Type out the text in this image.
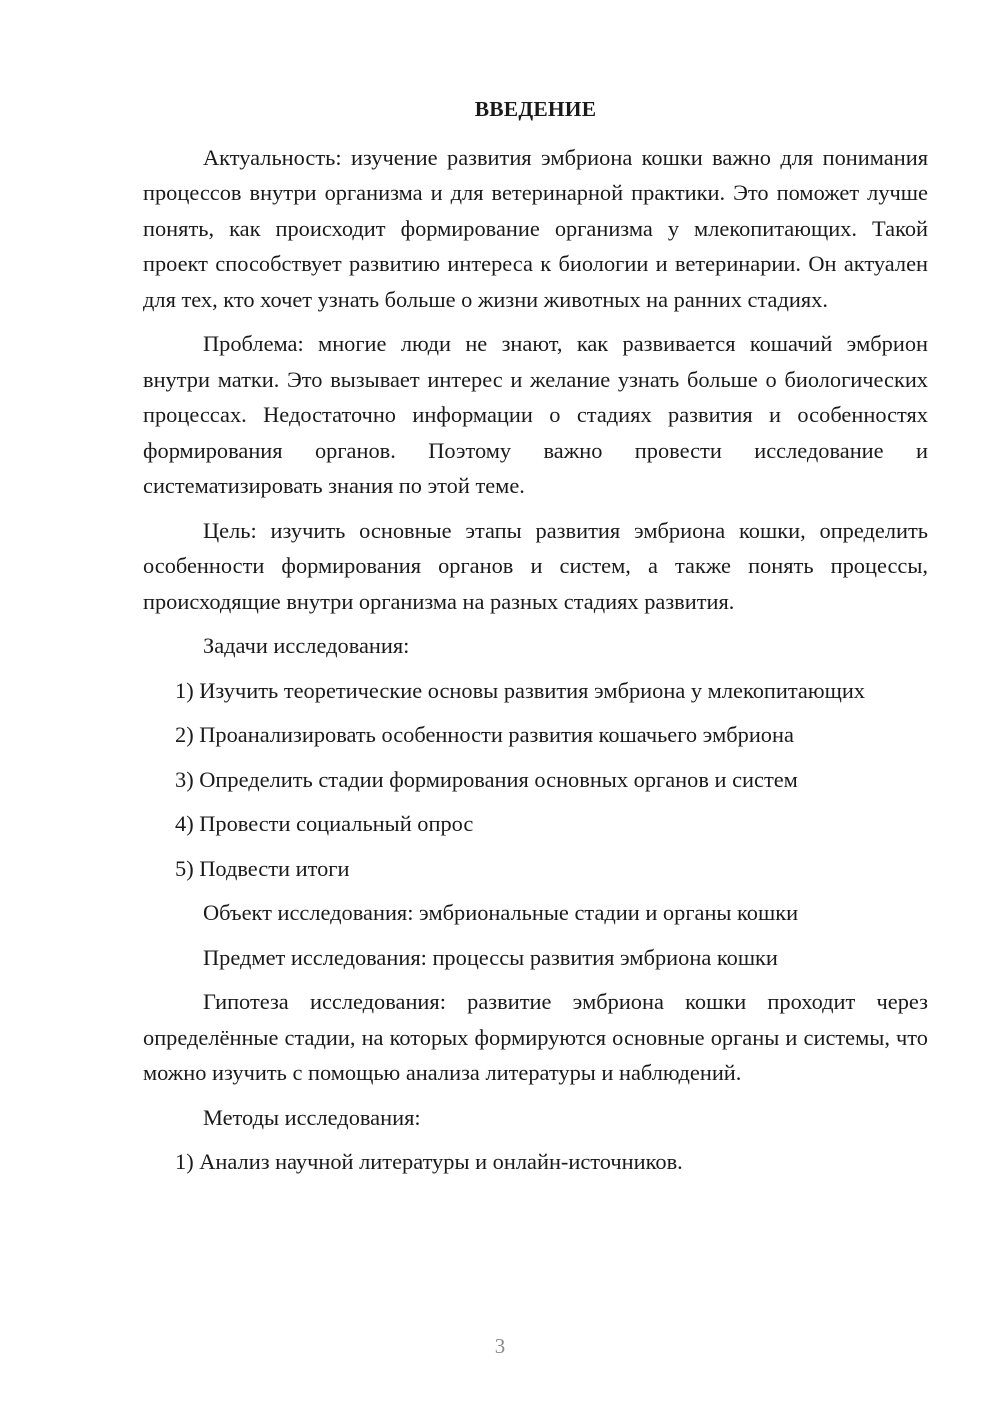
ВВЕДЕНИЕ
Актуальность: изучение развития эмбриона кошки важно для понимания процессов внутри организма и для ветеринарной практики. Это поможет лучше понять, как происходит формирование организма у млекопитающих. Такой проект способствует развитию интереса к биологии и ветеринарии. Он актуален для тех, кто хочет узнать больше о жизни животных на ранних стадиях.
Проблема: многие люди не знают, как развивается кошачий эмбрион внутри матки. Это вызывает интерес и желание узнать больше о биологических процессах. Недостаточно информации о стадиях развития и особенностях формирования органов. Поэтому важно провести исследование и систематизировать знания по этой теме.
Цель: изучить основные этапы развития эмбриона кошки, определить особенности формирования органов и систем, а также понять процессы, происходящие внутри организма на разных стадиях развития.
Задачи исследования:
1) Изучить теоретические основы развития эмбриона у млекопитающих
2) Проанализировать особенности развития кошачьего эмбриона
3) Определить стадии формирования основных органов и систем
4) Провести социальный опрос
5) Подвести итоги
Объект исследования: эмбриональные стадии и органы кошки
Предмет исследования: процессы развития эмбриона кошки
Гипотеза исследования: развитие эмбриона кошки проходит через определённые стадии, на которых формируются основные органы и системы, что можно изучить с помощью анализа литературы и наблюдений.
Методы исследования:
1) Анализ научной литературы и онлайн-источников.
3
